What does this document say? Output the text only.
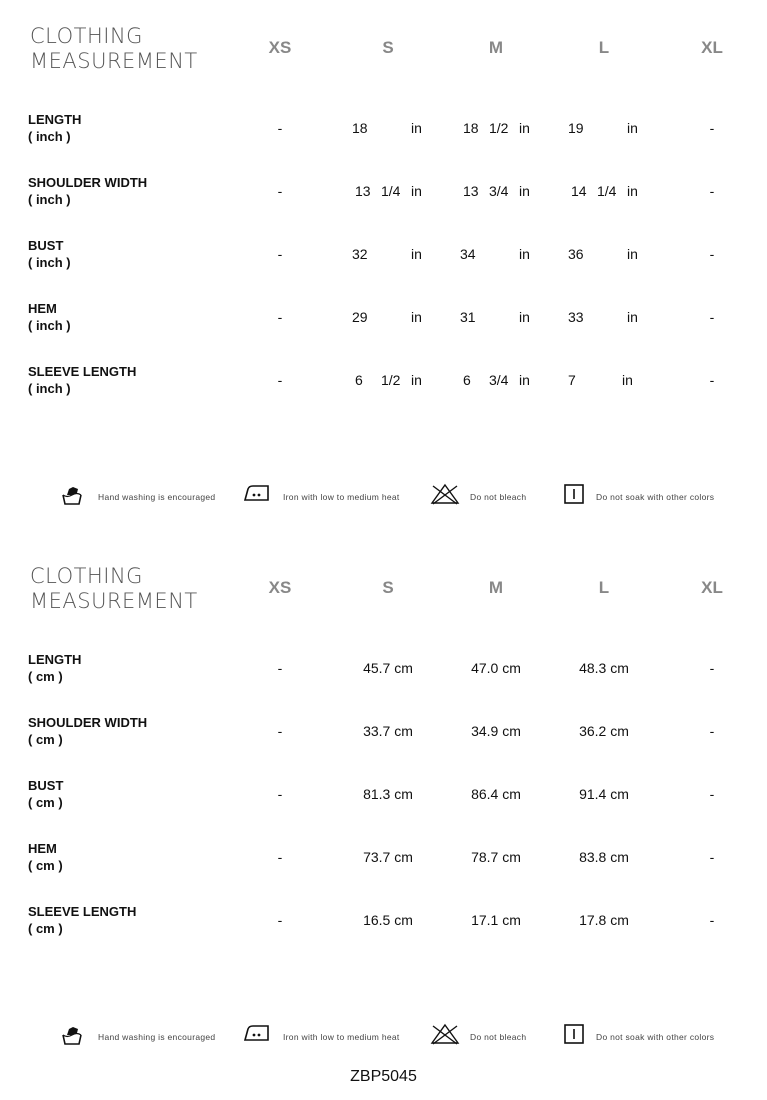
CLOTHING
MEASUREMENT
XS	S	M	L	XL
LENGTH
( inch )
-	18	in	18 1/2 in	19	in	-
SHOULDER WIDTH
( inch )
-	13 1/4 in	13 3/4 in	14 1/4 in	-
BUST
( inch )
-	32	in	34	in	36	in	-
HEM
( inch )
-	29	in	31	in	33	in	-
SLEEVE LENGTH
( inch )
-	6 1/2 in	6 3/4 in	7	in	-
Hand washing is encouraged	Iron with low to medium heat	Do not bleach	Do not soak with other colors
CLOTHING
MEASUREMENT
XS	S	M	L	XL
LENGTH
( cm )
-	45.7 cm	47.0 cm	48.3 cm	-
SHOULDER WIDTH
( cm )
-	33.7 cm	34.9 cm	36.2 cm	-
BUST
( cm )
-	81.3 cm	86.4 cm	91.4 cm	-
HEM
( cm )
-	73.7 cm	78.7 cm	83.8 cm	-
SLEEVE LENGTH
( cm )
-	16.5 cm	17.1 cm	17.8 cm	-
Hand washing is encouraged	Iron with low to medium heat	Do not bleach	Do not soak with other colors
ZBP5045
